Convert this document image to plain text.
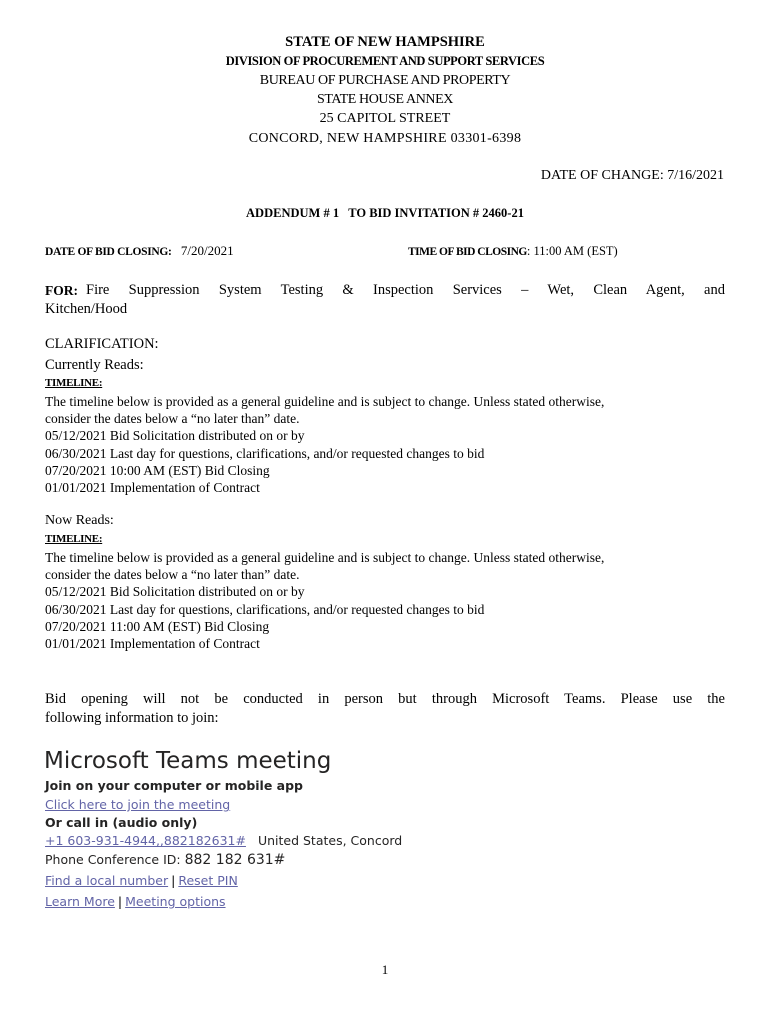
STATE OF NEW HAMPSHIRE
DIVISION OF PROCUREMENT AND SUPPORT SERVICES
BUREAU OF PURCHASE AND PROPERTY
STATE HOUSE ANNEX
25 CAPITOL STREET
CONCORD, NEW HAMPSHIRE 03301-6398
DATE OF CHANGE: 7/16/2021
ADDENDUM # 1   TO BID INVITATION # 2460-21
DATE OF BID CLOSING: 7/20/2021	TIME OF BID CLOSING: 11:00 AM (EST)
FOR: Fire Suppression System Testing & Inspection Services – Wet, Clean Agent, and
Kitchen/Hood
CLARIFICATION:
Currently Reads:
TIMELINE:
The timeline below is provided as a general guideline and is subject to change. Unless stated otherwise,
consider the dates below a “no later than” date.
05/12/2021 Bid Solicitation distributed on or by
06/30/2021 Last day for questions, clarifications, and/or requested changes to bid
07/20/2021 10:00 AM (EST) Bid Closing
01/01/2021 Implementation of Contract
Now Reads:
TIMELINE:
The timeline below is provided as a general guideline and is subject to change. Unless stated otherwise,
consider the dates below a “no later than” date.
05/12/2021 Bid Solicitation distributed on or by
06/30/2021 Last day for questions, clarifications, and/or requested changes to bid
07/20/2021 11:00 AM (EST) Bid Closing
01/01/2021 Implementation of Contract
Bid opening will not be conducted in person but through Microsoft Teams. Please use the
following information to join:
Microsoft Teams meeting
Join on your computer or mobile app
Click here to join the meeting
Or call in (audio only)
+1 603-931-4944,,882182631# United States, Concord
Phone Conference ID: 882 182 631#
Find a local number | Reset PIN
Learn More | Meeting options
1
